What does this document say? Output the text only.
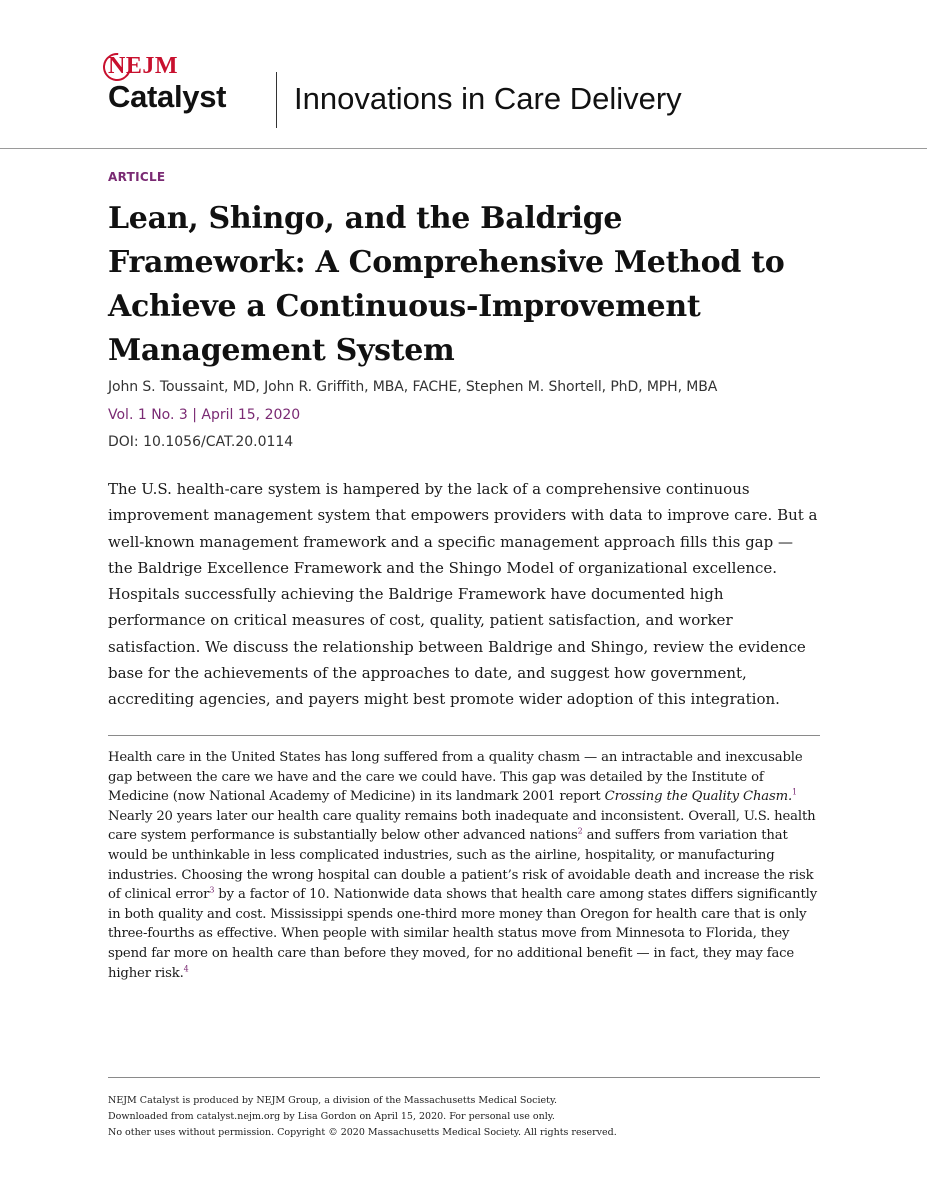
NEJM
Catalyst Innovations in Care Delivery
ARTICLE
Lean, Shingo, and the Baldrige Framework: A Comprehensive Method to Achieve a Continuous-Improvement Management System
John S. Toussaint, MD, John R. Griffith, MBA, FACHE, Stephen M. Shortell, PhD, MPH, MBA
Vol. 1 No. 3 | April 15, 2020
DOI: 10.1056/CAT.20.0114

The U.S. health-care system is hampered by the lack of a comprehensive continuous improvement management system that empowers providers with data to improve care. But a well-known management framework and a specific management approach fills this gap — the Baldrige Excellence Framework and the Shingo Model of organizational excellence. Hospitals successfully achieving the Baldrige Framework have documented high performance on critical measures of cost, quality, patient satisfaction, and worker satisfaction. We discuss the relationship between Baldrige and Shingo, review the evidence base for the achievements of the approaches to date, and suggest how government, accrediting agencies, and payers might best promote wider adoption of this integration.

Health care in the United States has long suffered from a quality chasm — an intractable and inexcusable gap between the care we have and the care we could have. This gap was detailed by the Institute of Medicine (now National Academy of Medicine) in its landmark 2001 report Crossing the Quality Chasm.$^1$ Nearly 20 years later our health care quality remains both inadequate and inconsistent. Overall, U.S. health care system performance is substantially below other advanced nations$^2$ and suffers from variation that would be unthinkable in less complicated industries, such as the airline, hospitality, or manufacturing industries. Choosing the wrong hospital can double a patient’s risk of avoidable death and increase the risk of clinical error$^3$ by a factor of 10. Nationwide data shows that health care among states differs significantly in both quality and cost. Mississippi spends one-third more money than Oregon for health care that is only three-fourths as effective. When people with similar health status move from Minnesota to Florida, they spend far more on health care than before they moved, for no additional benefit — in fact, they may face higher risk.$^4$

NEJM Catalyst is produced by NEJM Group, a division of the Massachusetts Medical Society.
Downloaded from catalyst.nejm.org by Lisa Gordon on April 15, 2020. For personal use only.
No other uses without permission. Copyright © 2020 Massachusetts Medical Society. All rights reserved.
